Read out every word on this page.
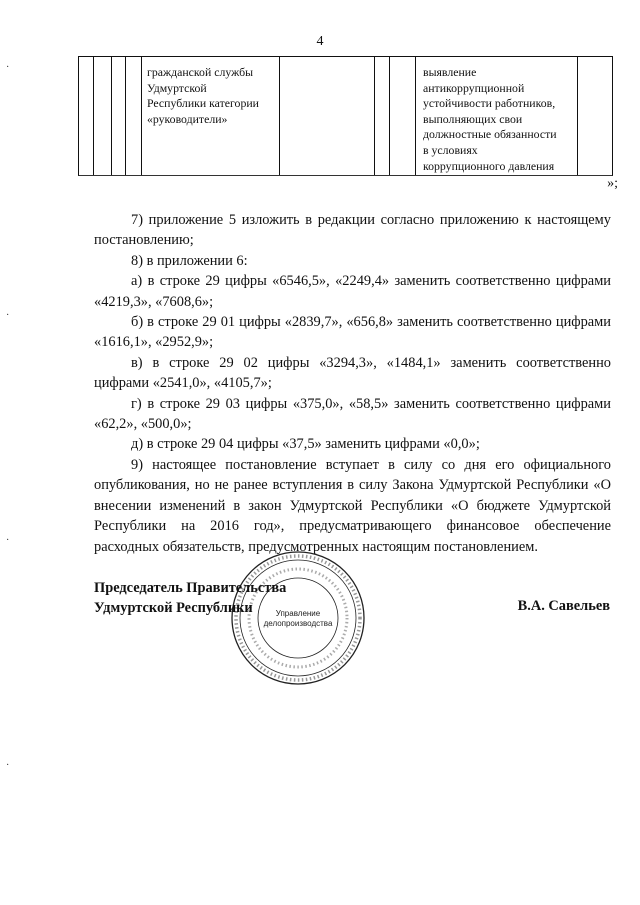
4
гражданской службы
Удмуртской
Республики категории
«руководители»
выявление
антикоррупционной
устойчивости работников,
выполняющих свои
должностные обязанности
в условиях
коррупционного давления
»;

7) приложение 5 изложить в редакции согласно приложению к настоящему постановлению;

8) в приложении 6:

а) в строке 29 цифры «6546,5», «2249,4» заменить соответственно цифрами «4219,3», «7608,6»;

б) в строке 29 01 цифры «2839,7», «656,8» заменить соответственно цифрами «1616,1», «2952,9»;

в) в строке 29 02 цифры «3294,3», «1484,1» заменить соответственно цифрами «2541,0», «4105,7»;

г) в строке 29 03 цифры «375,0», «58,5» заменить соответственно цифрами «62,2», «500,0»;

д) в строке 29 04 цифры «37,5» заменить цифрами «0,0»;

9) настоящее постановление вступает в силу со дня его официального опубликования, но не ранее вступления в силу Закона Удмуртской Республики «О внесении изменений в закон Удмуртской Республики «О бюджете Удмуртской Республики на 2016 год», предусматривающего финансовое обеспечение расходных обязательств, предусмотренных настоящим постановлением.

Управление
делопроизводства
Председатель Правительства
Удмуртской Республики	В.А. Савельев
·
·
·
·
